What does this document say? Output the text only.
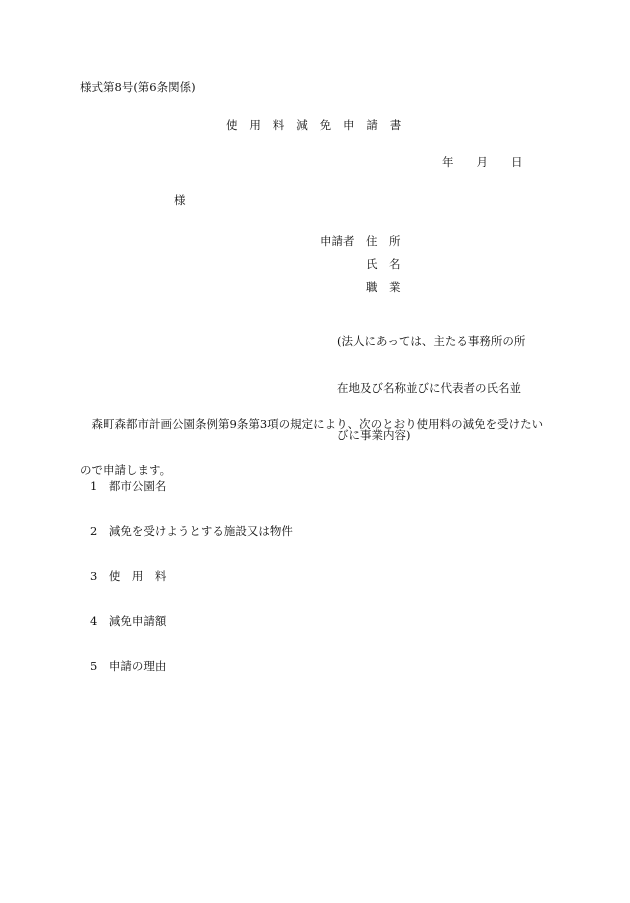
様式第8号(第6条関係)
使　用　料　減　免　申　請　書
年　　月　　日
様
申請者　住　所
氏　名
職　業

(法人にあっては、主たる事務所の所

在地及び名称並びに代表者の氏名並

びに事業内容)

　森町森都市計画公園条例第9条第3項の規定により、次のとおり使用料の減免を受けたい

ので申請します。

1　都市公園名
2　減免を受けようとする施設又は物件
3　使　用　料
4　減免申請額
5　申請の理由
